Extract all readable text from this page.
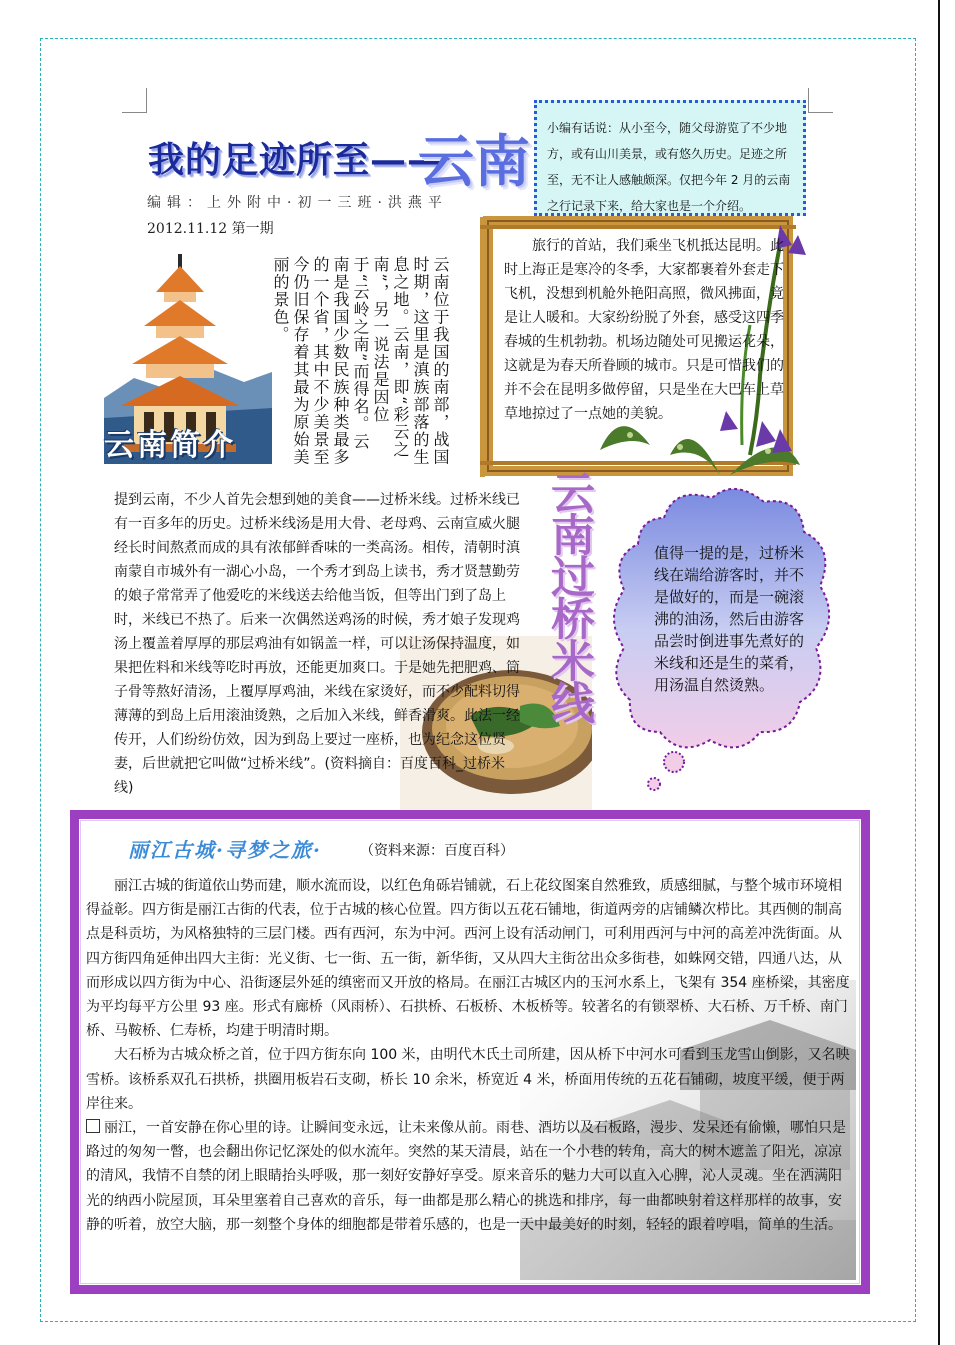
我的足迹所至——
云南
编辑：上外附中·初一三班·洪燕平
2012.11.12 第一期
小编有话说：从小至今，随父母游览了不少地方，或有山川美景，或有悠久历史。足迹之所至，无不让人感触颇深。仅把今年 2 月的云南之行记录下来，给大家也是一个介绍。
云南简介	云南位于我国的南部，战国时期，这里是滇族部落的生息之地。云南，即“彩云之南”，另一说法是因位于“云岭之南”而得名。云南是我国少数民族种类最多的一个省，其中不少美景至今仍旧保存着其最为原始美丽的景色。

旅行的首站，我们乘坐飞机抵达昆明。此时上海正是寒冷的冬季，大家都裹着外套走下飞机，没想到机舱外艳阳高照，微风拂面，竟是让人暖和。大家纷纷脱了外套，感受这四季春城的生机勃勃。机场边随处可见搬运花朵，这就是为春天所眷顾的城市。只是可惜我们的并不会在昆明多做停留，只是坐在大巴车上草草地掠过了一点她的美貌。

提到云南，不少人首先会想到她的美食——过桥米线。过桥米线已有一百多年的历史。过桥米线汤是用大骨、老母鸡、云南宣威火腿经长时间熬煮而成的具有浓郁鲜香味的一类高汤。相传，清朝时滇南蒙自市城外有一湖心小岛，一个秀才到岛上读书，秀才贤慧勤劳的娘子常常弄了他爱吃的米线送去给他当饭，但等出门到了岛上时，米线已不热了。后来一次偶然送鸡汤的时候，秀才娘子发现鸡汤上覆盖着厚厚的那层鸡油有如锅盖一样，可以让汤保持温度，如果把佐料和米线等吃时再放，还能更加爽口。于是她先把肥鸡、筒子骨等熬好清汤，上覆厚厚鸡油，米线在家烫好，而不少配料切得薄薄的到岛上后用滚油烫熟，之后加入米线，鲜香滑爽。此法一经传开，人们纷纷仿效，因为到岛上要过一座桥，也为纪念这位贤妻，后世就把它叫做“过桥米线”。(资料摘自：百度百科_过桥米线)

云南过桥米线	值得一提的是，过桥米线在端给游客时，并不是做好的，而是一碗滚沸的油汤，然后由游客品尝时倒进事先煮好的米线和还是生的菜肴，用汤温自然烫熟。
丽江古城·寻梦之旅·	（资料来源：百度百科）

丽江古城的街道依山势而建，顺水流而设，以红色角砾岩铺就，石上花纹图案自然雅致，质感细腻，与整个城市环境相得益彰。四方街是丽江古街的代表，位于古城的核心位置。四方街以五花石铺地，街道两旁的店铺鳞次栉比。其西侧的制高点是科贡坊，为风格独特的三层门楼。西有西河，东为中河。西河上设有活动闸门，可利用西河与中河的高差冲洗街面。从四方街四角延伸出四大主街：光义街、七一街、五一街，新华街，又从四大主街岔出众多街巷，如蛛网交错，四通八达，从而形成以四方街为中心、沿街逐层外延的缜密而又开放的格局。在丽江古城区内的玉河水系上，飞架有 354 座桥梁，其密度为平均每平方公里 93 座。形式有廊桥（风雨桥）、石拱桥、石板桥、木板桥等。较著名的有锁翠桥、大石桥、万千桥、南门桥、马鞍桥、仁寿桥，均建于明清时期。

大石桥为古城众桥之首，位于四方街东向 100 米，由明代木氏土司所建，因从桥下中河水可看到玉龙雪山倒影，又名映雪桥。该桥系双孔石拱桥，拱圈用板岩石支砌，桥长 10 余米，桥宽近 4 米，桥面用传统的五花石铺砌，坡度平缓，便于两岸往来。

丽江，一首安静在你心里的诗。让瞬间变永远，让未来像从前。雨巷、酒坊以及石板路，漫步、发呆还有偷懒，哪怕只是路过的匆匆一瞥，也会翻出你记忆深处的似水流年。突然的某天清晨，站在一个小巷的转角，高大的树木遮盖了阳光，凉凉的清风，我情不自禁的闭上眼睛抬头呼吸，那一刻好安静好享受。原来音乐的魅力大可以直入心脾，沁人灵魂。坐在洒满阳光的纳西小院屋顶，耳朵里塞着自己喜欢的音乐，每一曲都是那么精心的挑选和排序，每一曲都映射着这样那样的故事，安静的听着，放空大脑，那一刻整个身体的细胞都是带着乐感的，也是一天中最美好的时刻，轻轻的跟着哼唱，简单的生活。
